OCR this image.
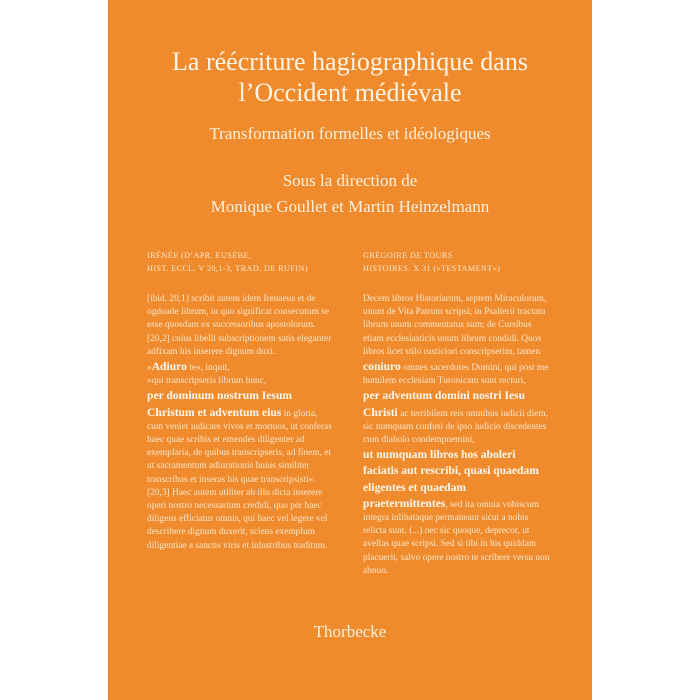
La réécriture hagiographique dans
l’Occident médiévale
Transformation formelles et idéologiques
Sous la direction de
Monique Goullet et Martin Heinzelmann
IRÉNÉE (D’APR. EUSÈBE,
HIST. ECCL. V 20,1-3, TRAD. DE RUFIN)

[ibid. 20,1] scribit autem idem Irenaeus et de ogdoade librum, in quo significat consecutum se esse quosdam ex successoribus apostolorum. [20,2] cuius libelli subscriptionem satis eleganter adfixam his inserere dignum duxi.

»Adiuro te«, inquit,

»qui transcripseris librum hunc,

per dominum nostrum Iesum Christum et adventum eius in gloria, cum veniet iudicare vivos et mortuos, ut conferas haec quae scribis et emendes diligenter ad exemplaria, de quibus transcripseris, ad finem, et ut sacramentum adiurationis huius similiter transcribas et inseras his quae transcripsisti«.

[20,3] Haec autem utiliter ab illo dicta inserere operi nostro necessarium credidi, quo per haec diligens efficiatur omnis, qui haec vel legere vel describere dignum duxerit, sciens exemplum diligentiae a sanctis viris et inlustribus traditum.

GRÉGOIRE DE TOURS
HISTOIRES. X 31 (»TESTAMENT«)

Decem libros Historiarum, septem Miraculorum, unum de Vita Patrum scripsi; in Psalterii tractatu librum unum commentatus sum; de Cursibus etiam ecclesiasticis unum librum condidi. Quos libros licet stilo rusticiori conscripserim, tamen

coniuro omnes sacerdotes Domini, qui post me humilem ecclesiam Turonicam sunt recturi,

per adventum domini nostri Iesu Christi ac terribilem reis omnibus iudicii diem, sic numquam confusi de ipso iudicio discedentes cum diabolo condempnemini,

ut numquam libros hos aboleri faciatis aut rescribi, quasi quaedam eligentes et quaedam praetermittentes, sed ita omnia vobiscum integra inlibataque permaneant sicut a nobis relicta sunt. (...) nec sic quoque, deprecor, ut avellas quae scripsi. Sed si tibi in his quiddam placuerit, salvo opere nostro te scribere versu non abnuo.

Thorbecke
